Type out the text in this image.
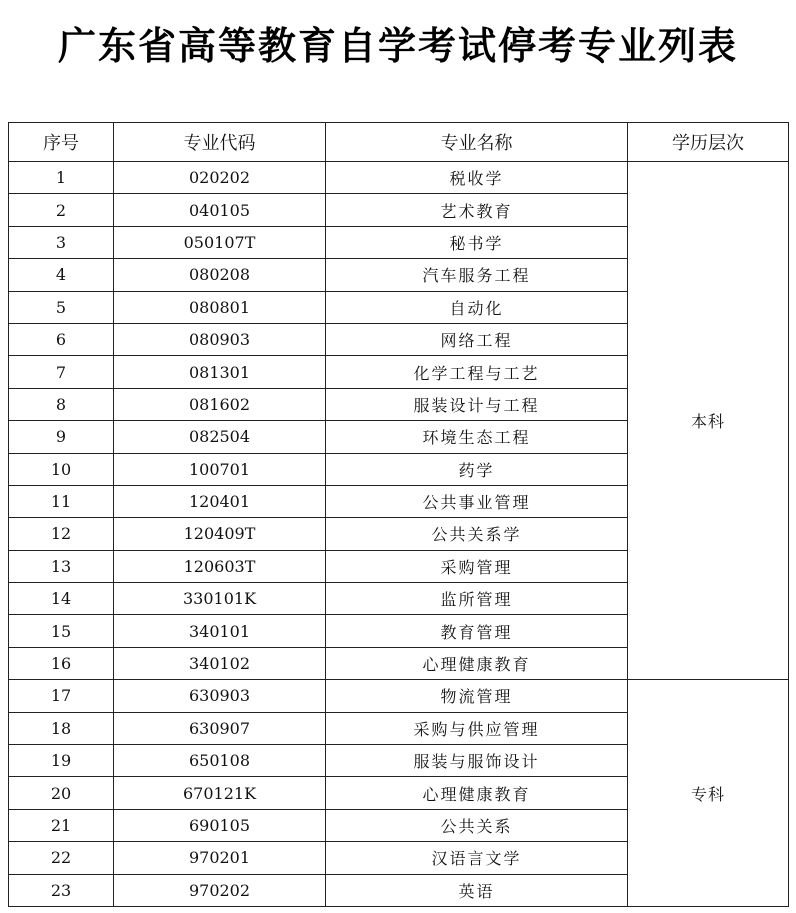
广东省高等教育自学考试停考专业列表
序号	专业代码	专业名称	学历层次
1	020202	税收学	本科
2	040105	艺术教育	
3	050107T	秘书学	
4	080208	汽车服务工程	
5	080801	自动化	
6	080903	网络工程	
7	081301	化学工程与工艺	
8	081602	服装设计与工程	
9	082504	环境生态工程	
10	100701	药学	
11	120401	公共事业管理	
12	120409T	公共关系学	
13	120603T	采购管理	
14	330101K	监所管理	
15	340101	教育管理	
16	340102	心理健康教育	
17	630903	物流管理	专科
18	630907	采购与供应管理	
19	650108	服装与服饰设计	
20	670121K	心理健康教育	
21	690105	公共关系	
22	970201	汉语言文学	
23	970202	英语	
